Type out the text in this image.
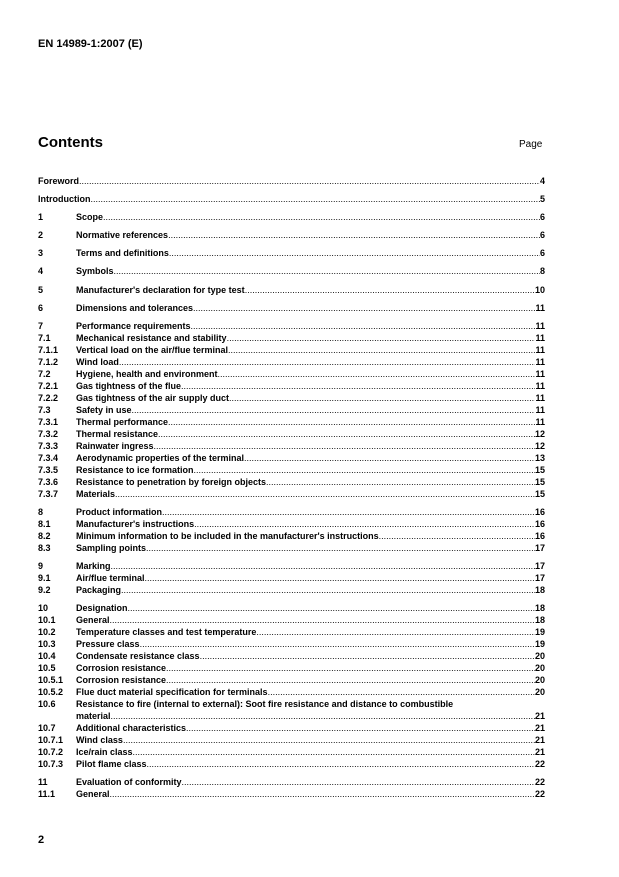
EN 14989-1:2007 (E)
Contents	Page
Foreword .....	4
Introduction .....	5
1	Scope .....	6
2	Normative references .....	6
3	Terms and definitions .....	6
4	Symbols .....	8
5	Manufacturer's declaration for type test .....	10
6	Dimensions and tolerances .....	11
7	Performance requirements .....	11
7.1	Mechanical resistance and stability .....	11
7.1.1	Vertical load on the air/flue terminal .....	11
7.1.2	Wind load .....	11
7.2	Hygiene, health and environment .....	11
7.2.1	Gas tightness of the flue .....	11
7.2.2	Gas tightness of the air supply duct .....	11
7.3	Safety in use .....	11
7.3.1	Thermal performance .....	11
7.3.2	Thermal resistance .....	12
7.3.3	Rainwater ingress .....	12
7.3.4	Aerodynamic properties of the terminal .....	13
7.3.5	Resistance to ice formation .....	15
7.3.6	Resistance to penetration by foreign objects .....	15
7.3.7	Materials .....	15
8	Product information .....	16
8.1	Manufacturer's instructions .....	16
8.2	Minimum information to be included in the manufacturer's instructions .....	16
8.3	Sampling points .....	17
9	Marking .....	17
9.1	Air/flue terminal .....	17
9.2	Packaging .....	18
10	Designation .....	18
10.1	General .....	18
10.2	Temperature classes and test temperature .....	19
10.3	Pressure class .....	19
10.4	Condensate resistance class .....	20
10.5	Corrosion resistance .....	20
10.5.1	Corrosion resistance .....	20
10.5.2	Flue duct material specification for terminals .....	20
10.6	Resistance to fire (internal to external): Soot fire resistance and distance to combustible
material .....	21
10.7	Additional characteristics .....	21
10.7.1	Wind class .....	21
10.7.2	Ice/rain class .....	21
10.7.3	Pilot flame class .....	22
11	Evaluation of conformity .....	22
11.1	General .....	22
2
